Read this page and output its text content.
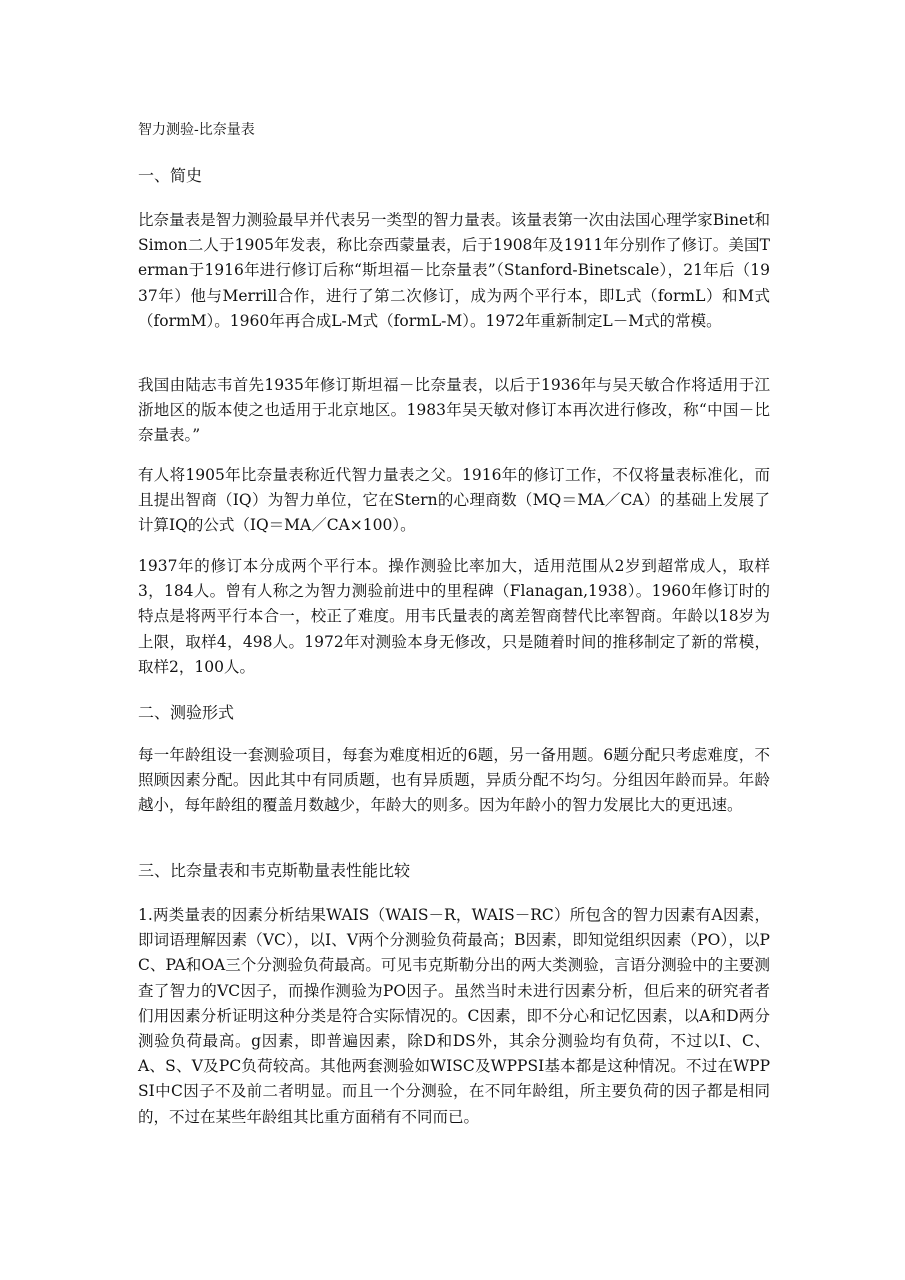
智力测验-比奈量表
一、简史

比奈量表是智力测验最早并代表另一类型的智力量表。该量表第一次由法国心理学家Binet和Simon二人于1905年发表，称比奈西蒙量表，后于1908年及1911年分别作了修订。美国Terman于1916年进行修订后称“斯坦福－比奈量表”（Stanford-Binetscale），21年后（1937年）他与Merrill合作，进行了第二次修订，成为两个平行本，即L式（formL）和M式（formM）。1960年再合成L-M式（formL-M）。1972年重新制定L－M式的常模。

我国由陆志韦首先1935年修订斯坦福－比奈量表，以后于1936年与吴天敏合作将适用于江浙地区的版本使之也适用于北京地区。1983年吴天敏对修订本再次进行修改，称“中国－比奈量表。”

有人将1905年比奈量表称近代智力量表之父。1916年的修订工作，不仅将量表标准化，而且提出智商（IQ）为智力单位，它在Stern的心理商数（MQ＝MA／CA）的基础上发展了计算IQ的公式（IQ＝MA／CA×100）。

1937年的修订本分成两个平行本。操作测验比率加大，适用范围从2岁到超常成人，取样3，184人。曾有人称之为智力测验前进中的里程碑（Flanagan,1938）。1960年修订时的特点是将两平行本合一，校正了难度。用韦氏量表的离差智商替代比率智商。年龄以18岁为上限，取样4，498人。1972年对测验本身无修改，只是随着时间的推移制定了新的常模，取样2，100人。

二、测验形式

每一年龄组设一套测验项目，每套为难度相近的6题，另一备用题。6题分配只考虑难度，不照顾因素分配。因此其中有同质题，也有异质题，异质分配不均匀。分组因年龄而异。年龄越小，每年龄组的覆盖月数越少，年龄大的则多。因为年龄小的智力发展比大的更迅速。

三、比奈量表和韦克斯勒量表性能比较

1.两类量表的因素分析结果WAIS（WAIS－R，WAIS－RC）所包含的智力因素有A因素，即词语理解因素（VC），以I、V两个分测验负荷最高；B因素，即知觉组织因素（PO），以PC、PA和OA三个分测验负荷最高。可见韦克斯勒分出的两大类测验，言语分测验中的主要测查了智力的VC因子，而操作测验为PO因子。虽然当时未进行因素分析，但后来的研究者者们用因素分析证明这种分类是符合实际情况的。C因素，即不分心和记忆因素，以A和D两分测验负荷最高。g因素，即普遍因素，除D和DS外，其余分测验均有负荷，不过以I、C、A、S、V及PC负荷较高。其他两套测验如WISC及WPPSI基本都是这种情况。不过在WPPSI中C因子不及前二者明显。而且一个分测验，在不同年龄组，所主要负荷的因子都是相同的，不过在某些年龄组其比重方面稍有不同而已。
